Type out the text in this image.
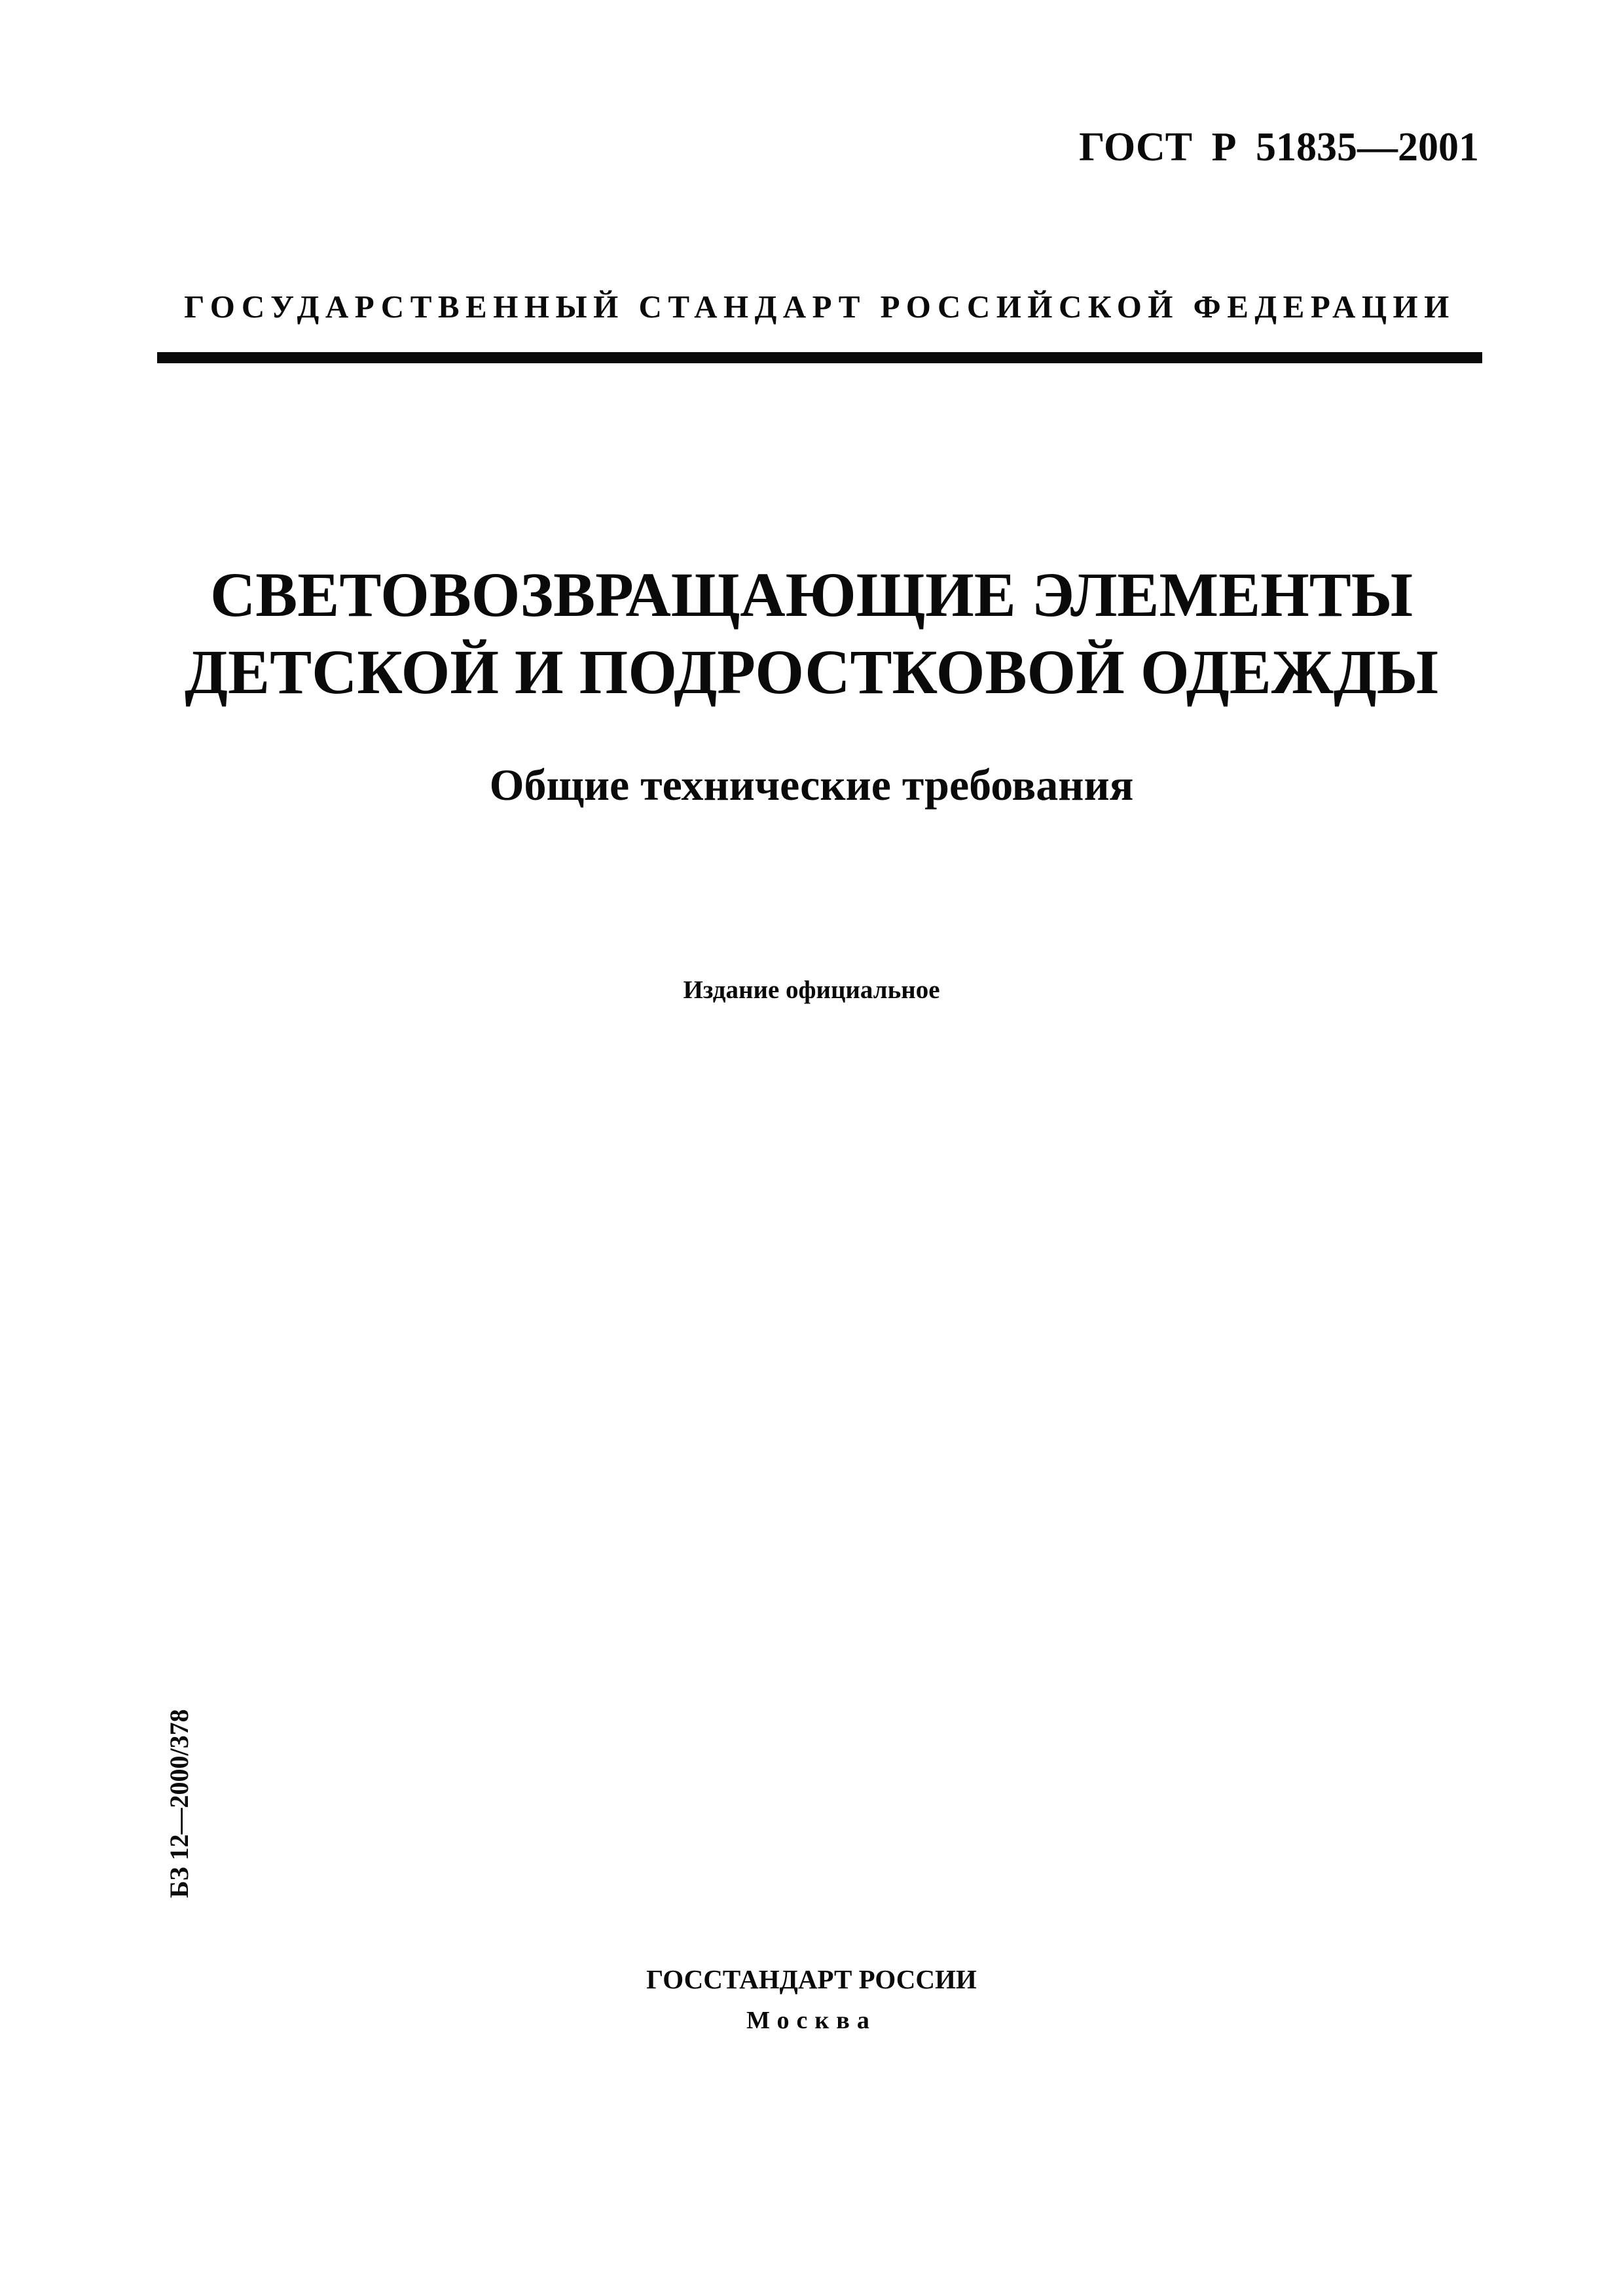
ГОСТ Р 51835—2001
ГОСУДАРСТВЕННЫЙ СТАНДАРТ РОССИЙСКОЙ ФЕДЕРАЦИИ
СВЕТОВОЗВРАЩАЮЩИЕ ЭЛЕМЕНТЫ
ДЕТСКОЙ И ПОДРОСТКОВОЙ ОДЕЖДЫ
Общие технические требования
Издание официальное
БЗ 12—2000/378
ГОССТАНДАРТ РОССИИ
Москва
